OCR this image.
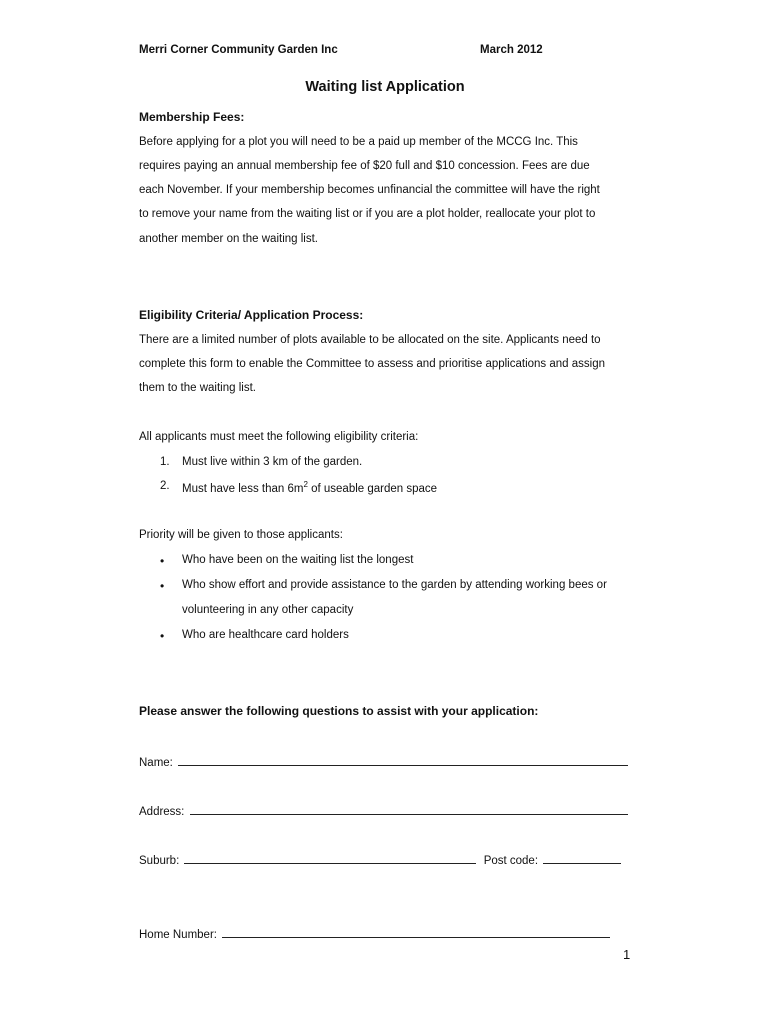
Merri Corner Community Garden Inc	March 2012
Waiting list Application
Membership Fees:
Before applying for a plot you will need to be a paid up member of the MCCG Inc. This
requires paying an annual membership fee of $20 full and $10 concession. Fees are due
each November. If your membership becomes unfinancial the committee will have the right
to remove your name from the waiting list or if you are a plot holder, reallocate your plot to
another member on the waiting list.
Eligibility Criteria/ Application Process:
There are a limited number of plots available to be allocated on the site. Applicants need to
complete this form to enable the Committee to assess and prioritise applications and assign
them to the waiting list.
All applicants must meet the following eligibility criteria:
1. Must live within 3 km of the garden.
2. Must have less than $6m^2$ of useable garden space
Priority will be given to those applicants:
• Who have been on the waiting list the longest
• Who show effort and provide assistance to the garden by attending working bees or
volunteering in any other capacity
• Who are healthcare card holders
Please answer the following questions to assist with your application:
Name:
Address:
Suburb:	Post code:
Home Number:
1
